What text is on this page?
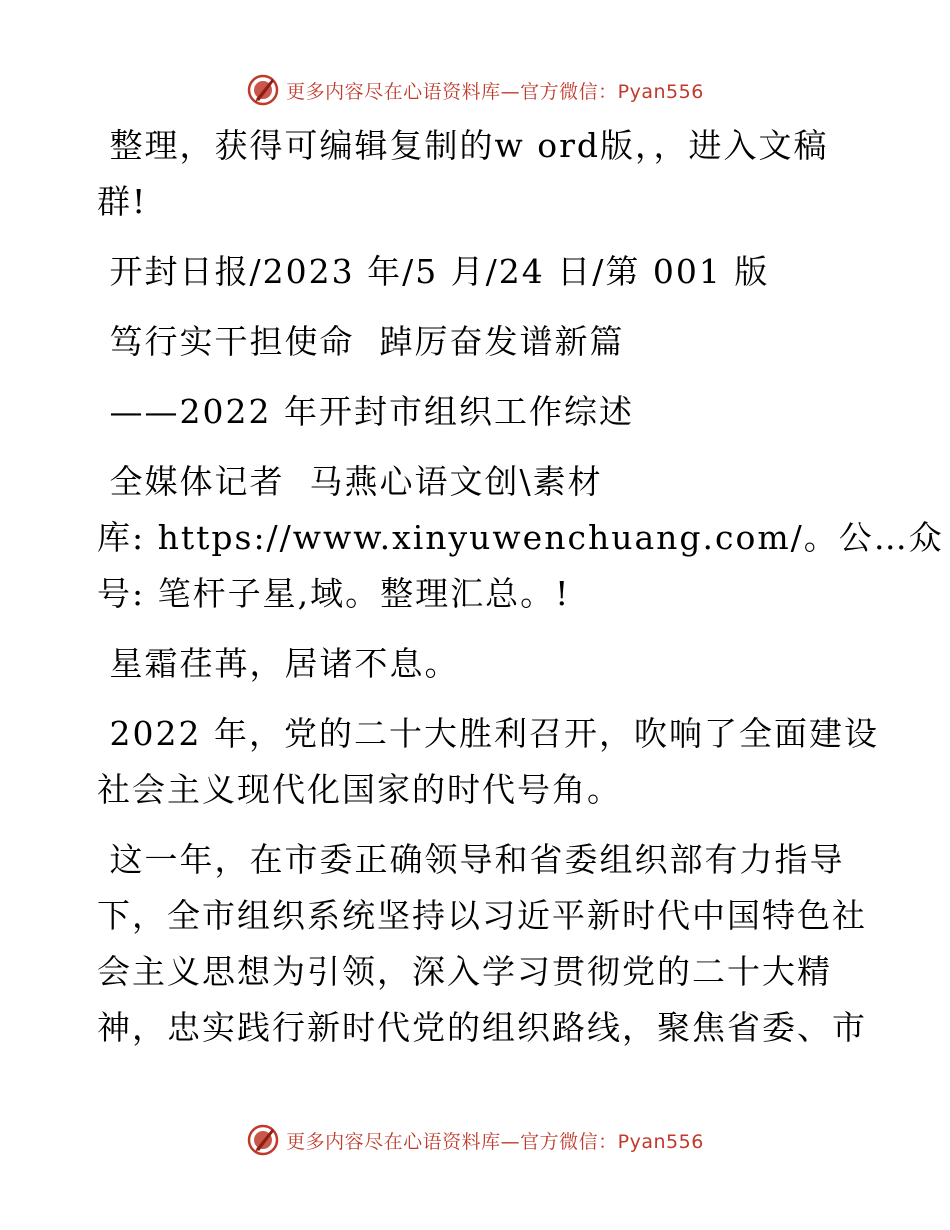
更多内容尽在心语资料库—官方微信：Pyan556

整理，获得可编辑复制的w ord版，，进入文稿
群!

开封日报/2023 年/5 月/24 日/第 001 版

笃行实干担使命  踔厉奋发谱新篇

——2022 年开封市组织工作综述

全媒体记者  马燕心语文创\素材
库: https://www.xinyuwenchuang.com/。公…众
号: 笔杆子星,域。整理汇总。!

星霜荏苒，居诸不息。

2022 年，党的二十大胜利召开，吹响了全面建设
社会主义现代化国家的时代号角。

这一年，在市委正确领导和省委组织部有力指导
下，全市组织系统坚持以习近平新时代中国特色社
会主义思想为引领，深入学习贯彻党的二十大精
神，忠实践行新时代党的组织路线，聚焦省委、市

更多内容尽在心语资料库—官方微信：Pyan556
